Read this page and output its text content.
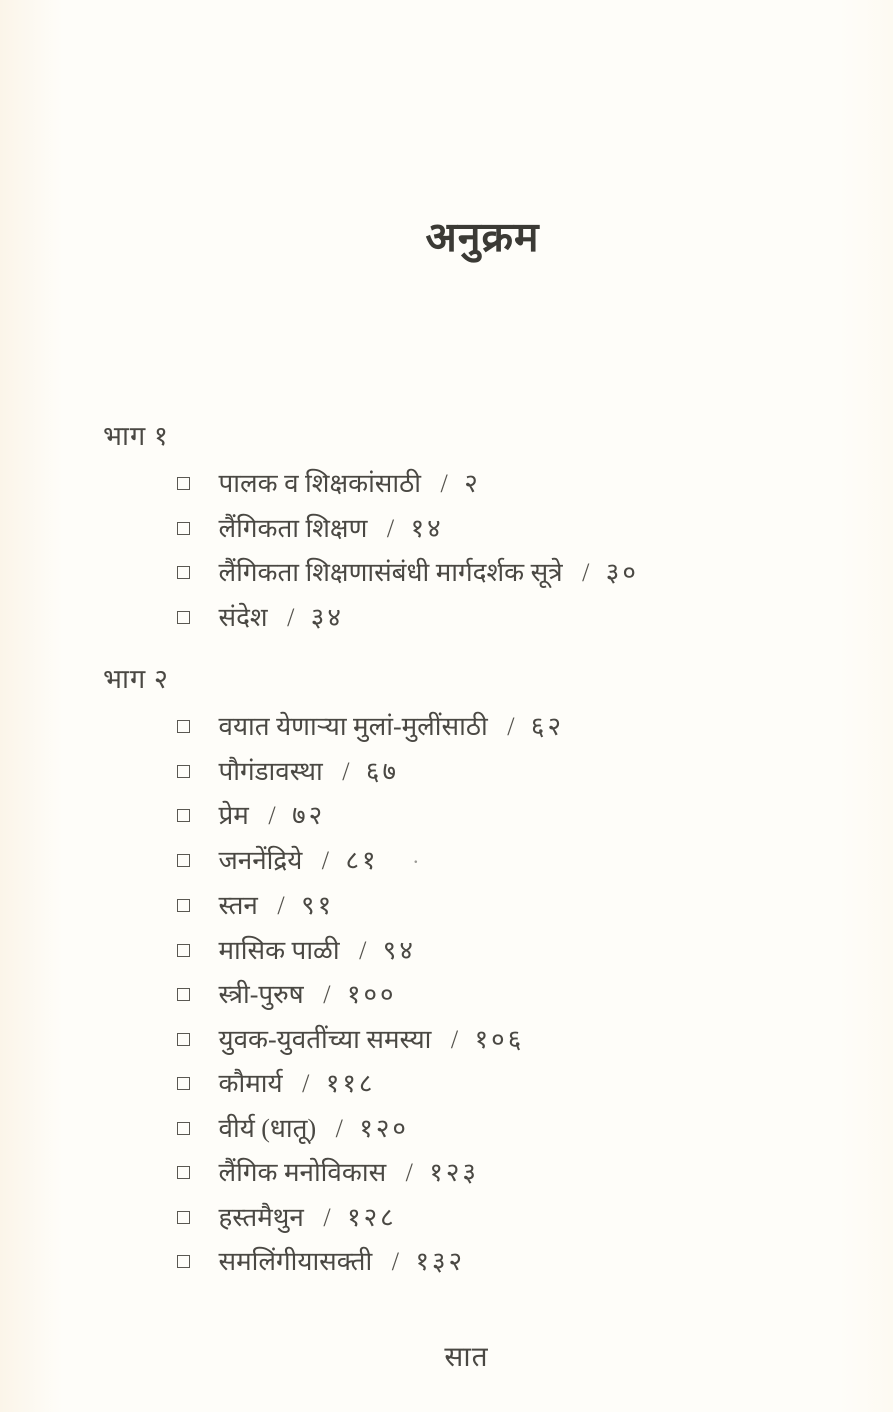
अनुक्रम
भाग १
पालक व शिक्षकांसाठी / २
लैंगिकता शिक्षण / १४
लैंगिकता शिक्षणासंबंधी मार्गदर्शक सूत्रे / ३०
संदेश / ३४
भाग २
वयात येणाऱ्या मुलां-मुलींसाठी / ६२
पौगंडावस्था / ६७
प्रेम / ७२
जननेंद्रिये / ८१ ·
स्तन / ९१
मासिक पाळी / ९४
स्त्री-पुरुष / १००
युवक-युवतींच्या समस्या / १०६
कौमार्य / ११८
वीर्य (धातू) / १२०
लैंगिक मनोविकास / १२३
हस्तमैथुन / १२८
समलिंगीयासक्ती / १३२
सात
